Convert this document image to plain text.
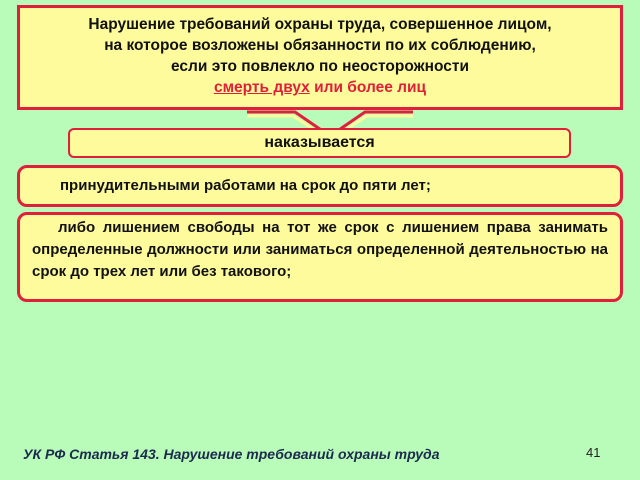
Нарушение требований охраны труда, совершенное лицом,
на которое возложены обязанности по их соблюдению,
если это повлекло по неосторожности
смерть двух или более лиц
наказывается
принудительными работами на срок до пяти лет;
либо лишением свободы на тот же срок с лишением права занимать определенные должности или заниматься определенной деятельностью на срок до трех лет или без такового;
41
УК РФ Статья 143. Нарушение требований охраны труда
